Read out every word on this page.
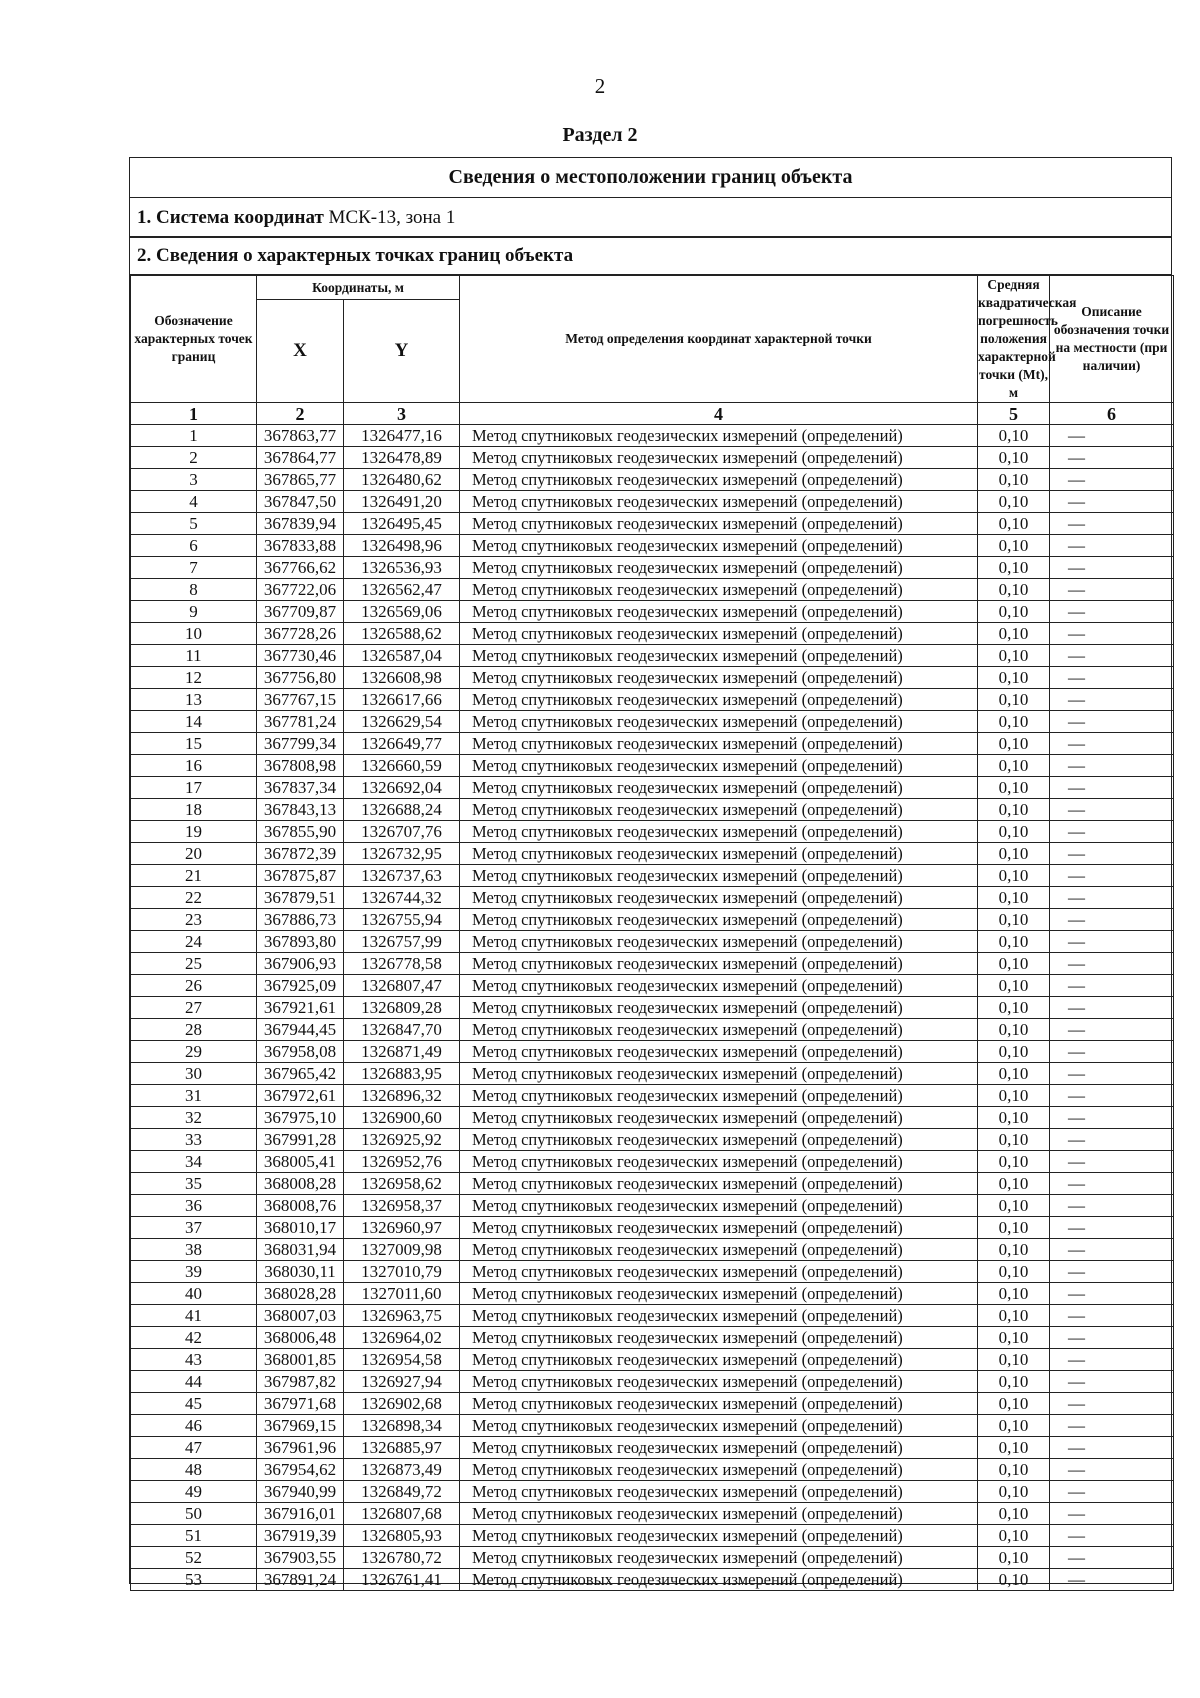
2
Раздел 2
Сведения о местоположении границ объекта
1. Система координат МСК-13, зона 1
2. Сведения о характерных точках границ объекта
Обозначение характерных точек границ	Координаты, м		Метод определения координат характерной точки	Средняя квадратическая погрешность положения характерной точки (Mt), м	Описание обозначения точки на местности (при наличии)
	X	Y			
1	2	3	4	5	6
1	367863,77	1326477,16	Метод спутниковых геодезических измерений (определений)	0,10	—
2	367864,77	1326478,89	Метод спутниковых геодезических измерений (определений)	0,10	—
3	367865,77	1326480,62	Метод спутниковых геодезических измерений (определений)	0,10	—
4	367847,50	1326491,20	Метод спутниковых геодезических измерений (определений)	0,10	—
5	367839,94	1326495,45	Метод спутниковых геодезических измерений (определений)	0,10	—
6	367833,88	1326498,96	Метод спутниковых геодезических измерений (определений)	0,10	—
7	367766,62	1326536,93	Метод спутниковых геодезических измерений (определений)	0,10	—
8	367722,06	1326562,47	Метод спутниковых геодезических измерений (определений)	0,10	—
9	367709,87	1326569,06	Метод спутниковых геодезических измерений (определений)	0,10	—
10	367728,26	1326588,62	Метод спутниковых геодезических измерений (определений)	0,10	—
11	367730,46	1326587,04	Метод спутниковых геодезических измерений (определений)	0,10	—
12	367756,80	1326608,98	Метод спутниковых геодезических измерений (определений)	0,10	—
13	367767,15	1326617,66	Метод спутниковых геодезических измерений (определений)	0,10	—
14	367781,24	1326629,54	Метод спутниковых геодезических измерений (определений)	0,10	—
15	367799,34	1326649,77	Метод спутниковых геодезических измерений (определений)	0,10	—
16	367808,98	1326660,59	Метод спутниковых геодезических измерений (определений)	0,10	—
17	367837,34	1326692,04	Метод спутниковых геодезических измерений (определений)	0,10	—
18	367843,13	1326688,24	Метод спутниковых геодезических измерений (определений)	0,10	—
19	367855,90	1326707,76	Метод спутниковых геодезических измерений (определений)	0,10	—
20	367872,39	1326732,95	Метод спутниковых геодезических измерений (определений)	0,10	—
21	367875,87	1326737,63	Метод спутниковых геодезических измерений (определений)	0,10	—
22	367879,51	1326744,32	Метод спутниковых геодезических измерений (определений)	0,10	—
23	367886,73	1326755,94	Метод спутниковых геодезических измерений (определений)	0,10	—
24	367893,80	1326757,99	Метод спутниковых геодезических измерений (определений)	0,10	—
25	367906,93	1326778,58	Метод спутниковых геодезических измерений (определений)	0,10	—
26	367925,09	1326807,47	Метод спутниковых геодезических измерений (определений)	0,10	—
27	367921,61	1326809,28	Метод спутниковых геодезических измерений (определений)	0,10	—
28	367944,45	1326847,70	Метод спутниковых геодезических измерений (определений)	0,10	—
29	367958,08	1326871,49	Метод спутниковых геодезических измерений (определений)	0,10	—
30	367965,42	1326883,95	Метод спутниковых геодезических измерений (определений)	0,10	—
31	367972,61	1326896,32	Метод спутниковых геодезических измерений (определений)	0,10	—
32	367975,10	1326900,60	Метод спутниковых геодезических измерений (определений)	0,10	—
33	367991,28	1326925,92	Метод спутниковых геодезических измерений (определений)	0,10	—
34	368005,41	1326952,76	Метод спутниковых геодезических измерений (определений)	0,10	—
35	368008,28	1326958,62	Метод спутниковых геодезических измерений (определений)	0,10	—
36	368008,76	1326958,37	Метод спутниковых геодезических измерений (определений)	0,10	—
37	368010,17	1326960,97	Метод спутниковых геодезических измерений (определений)	0,10	—
38	368031,94	1327009,98	Метод спутниковых геодезических измерений (определений)	0,10	—
39	368030,11	1327010,79	Метод спутниковых геодезических измерений (определений)	0,10	—
40	368028,28	1327011,60	Метод спутниковых геодезических измерений (определений)	0,10	—
41	368007,03	1326963,75	Метод спутниковых геодезических измерений (определений)	0,10	—
42	368006,48	1326964,02	Метод спутниковых геодезических измерений (определений)	0,10	—
43	368001,85	1326954,58	Метод спутниковых геодезических измерений (определений)	0,10	—
44	367987,82	1326927,94	Метод спутниковых геодезических измерений (определений)	0,10	—
45	367971,68	1326902,68	Метод спутниковых геодезических измерений (определений)	0,10	—
46	367969,15	1326898,34	Метод спутниковых геодезических измерений (определений)	0,10	—
47	367961,96	1326885,97	Метод спутниковых геодезических измерений (определений)	0,10	—
48	367954,62	1326873,49	Метод спутниковых геодезических измерений (определений)	0,10	—
49	367940,99	1326849,72	Метод спутниковых геодезических измерений (определений)	0,10	—
50	367916,01	1326807,68	Метод спутниковых геодезических измерений (определений)	0,10	—
51	367919,39	1326805,93	Метод спутниковых геодезических измерений (определений)	0,10	—
52	367903,55	1326780,72	Метод спутниковых геодезических измерений (определений)	0,10	—
53	367891,24	1326761,41	Метод спутниковых геодезических измерений (определений)	0,10	—
